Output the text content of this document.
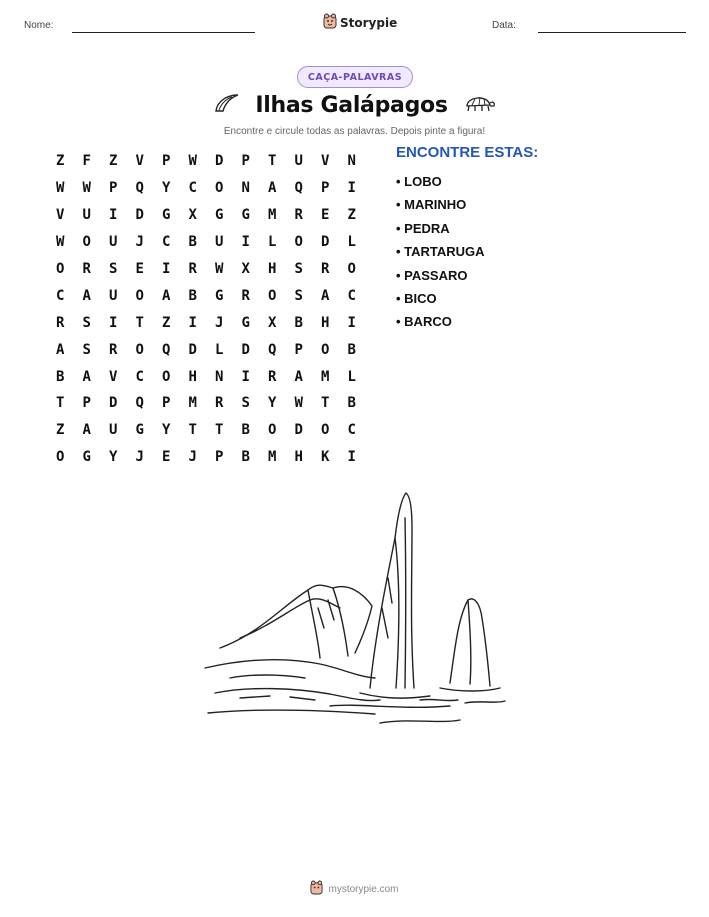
Nome:	Storypie	Data:
CAÇA-PALAVRAS
Ilhas Galápagos
Encontre e circule todas as palavras. Depois pinte a figura!
Z	F	Z	V	P	W	D	P	T	U	V	N
W	W	P	Q	Y	C	O	N	A	Q	P	I
V	U	I	D	G	X	G	G	M	R	E	Z
W	O	U	J	C	B	U	I	L	O	D	L
O	R	S	E	I	R	W	X	H	S	R	O
C	A	U	O	A	B	G	R	O	S	A	C
R	S	I	T	Z	I	J	G	X	B	H	I
A	S	R	O	Q	D	L	D	Q	P	O	B
B	A	V	C	O	H	N	I	R	A	M	L
T	P	D	Q	P	M	R	S	Y	W	T	B
Z	A	U	G	Y	T	T	B	O	D	O	C
O	G	Y	J	E	J	P	B	M	H	K	I
ENCONTRE ESTAS:
• LOBO
• MARINHO
• PEDRA
• TARTARUGA
• PASSARO
• BICO
• BARCO
mystorypie.com
